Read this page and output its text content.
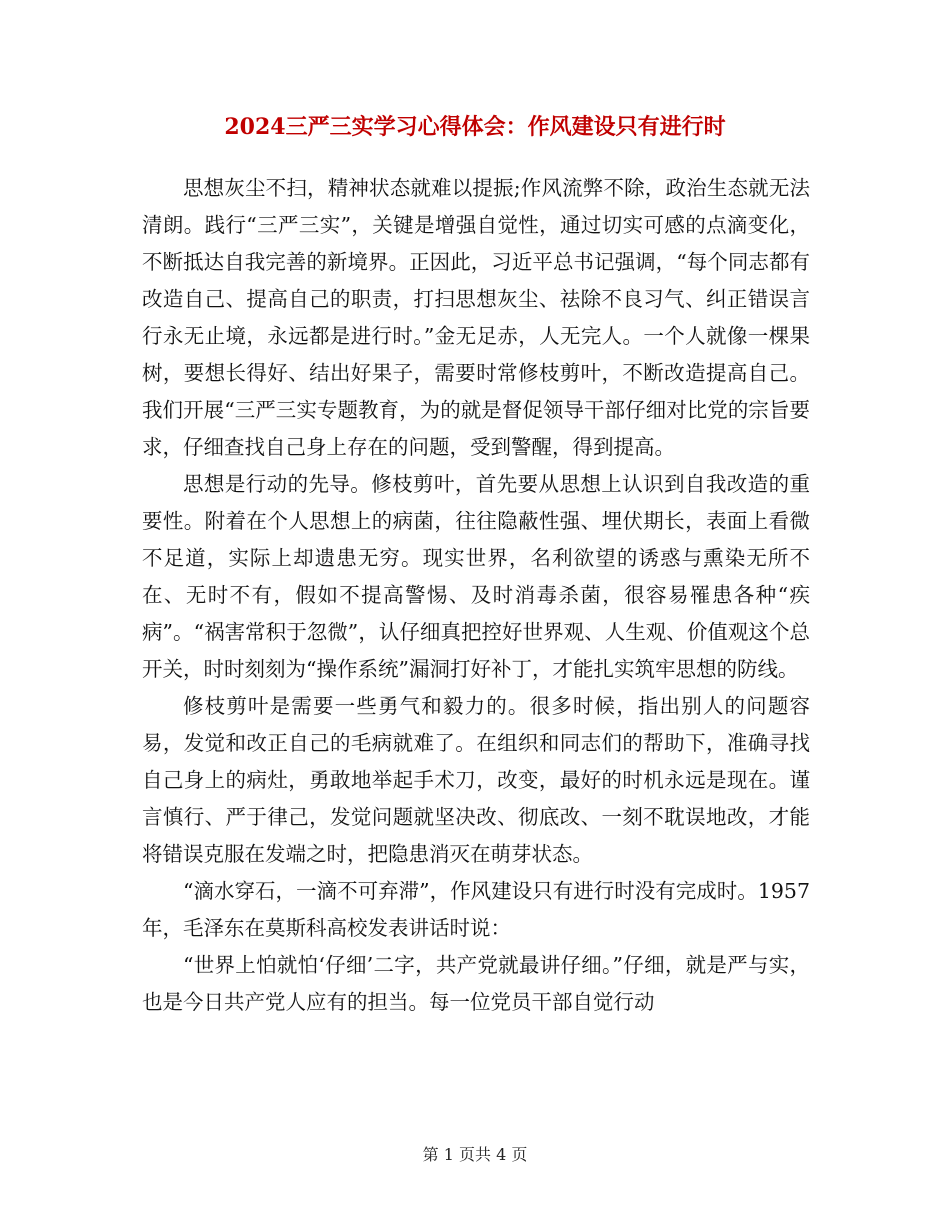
2024三严三实学习心得体会：作风建设只有进行时

思想灰尘不扫，精神状态就难以提振;作风流弊不除，政治生态就无法清朗。践行“三严三实”，关键是增强自觉性，通过切实可感的点滴变化，不断抵达自我完善的新境界。正因此，习近平总书记强调，“每个同志都有改造自己、提高自己的职责，打扫思想灰尘、祛除不良习气、纠正错误言行永无止境，永远都是进行时。”金无足赤，人无完人。一个人就像一棵果树，要想长得好、结出好果子，需要时常修枝剪叶，不断改造提高自己。我们开展“三严三实专题教育，为的就是督促领导干部仔细对比党的宗旨要求，仔细查找自己身上存在的问题，受到警醒，得到提高。

思想是行动的先导。修枝剪叶，首先要从思想上认识到自我改造的重要性。附着在个人思想上的病菌，往往隐蔽性强、埋伏期长，表面上看微不足道，实际上却遗患无穷。现实世界，名利欲望的诱惑与熏染无所不在、无时不有，假如不提高警惕、及时消毒杀菌，很容易罹患各种“疾病”。“祸害常积于忽微”，认仔细真把控好世界观、人生观、价值观这个总开关，时时刻刻为“操作系统”漏洞打好补丁，才能扎实筑牢思想的防线。

修枝剪叶是需要一些勇气和毅力的。很多时候，指出别人的问题容易，发觉和改正自己的毛病就难了。在组织和同志们的帮助下，准确寻找自己身上的病灶，勇敢地举起手术刀，改变，最好的时机永远是现在。谨言慎行、严于律己，发觉问题就坚决改、彻底改、一刻不耽误地改，才能将错误克服在发端之时，把隐患消灭在萌芽状态。

“滴水穿石，一滴不可弃滞”，作风建设只有进行时没有完成时。1957年，毛泽东在莫斯科高校发表讲话时说：

“世界上怕就怕‘仔细’二字，共产党就最讲仔细。”仔细，就是严与实，也是今日共产党人应有的担当。每一位党员干部自觉行动

第 1 页共 4 页
